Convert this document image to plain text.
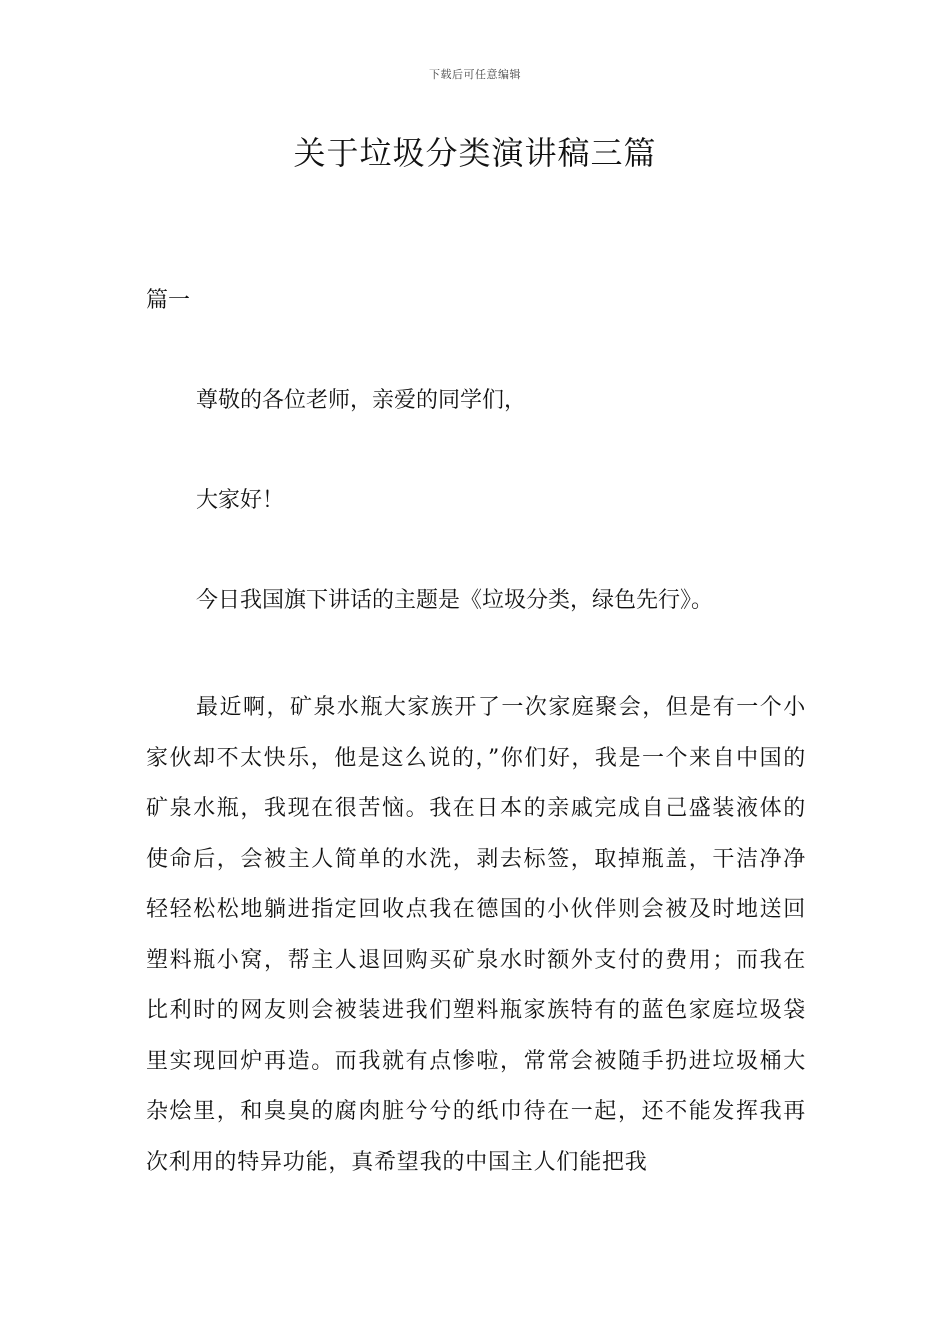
下载后可任意编辑
关于垃圾分类演讲稿三篇
篇一

尊敬的各位老师，亲爱的同学们，

大家好！

今日我国旗下讲话的主题是《垃圾分类，绿色先行》。

最近啊，矿泉水瓶大家族开了一次家庭聚会，但是有一个小家伙却不太快乐，他是这么说的，”你们好，我是一个来自中国的矿泉水瓶，我现在很苦恼。我在日本的亲戚完成自己盛装液体的使命后，会被主人简单的水洗，剥去标签，取掉瓶盖，干洁净净轻轻松松地躺进指定回收点我在德国的小伙伴则会被及时地送回塑料瓶小窝，帮主人退回购买矿泉水时额外支付的费用；而我在比利时的网友则会被装进我们塑料瓶家族特有的蓝色家庭垃圾袋里实现回炉再造。而我就有点惨啦，常常会被随手扔进垃圾桶大杂烩里，和臭臭的腐肉脏兮兮的纸巾待在一起，还不能发挥我再次利用的特异功能，真希望我的中国主人们能把我
